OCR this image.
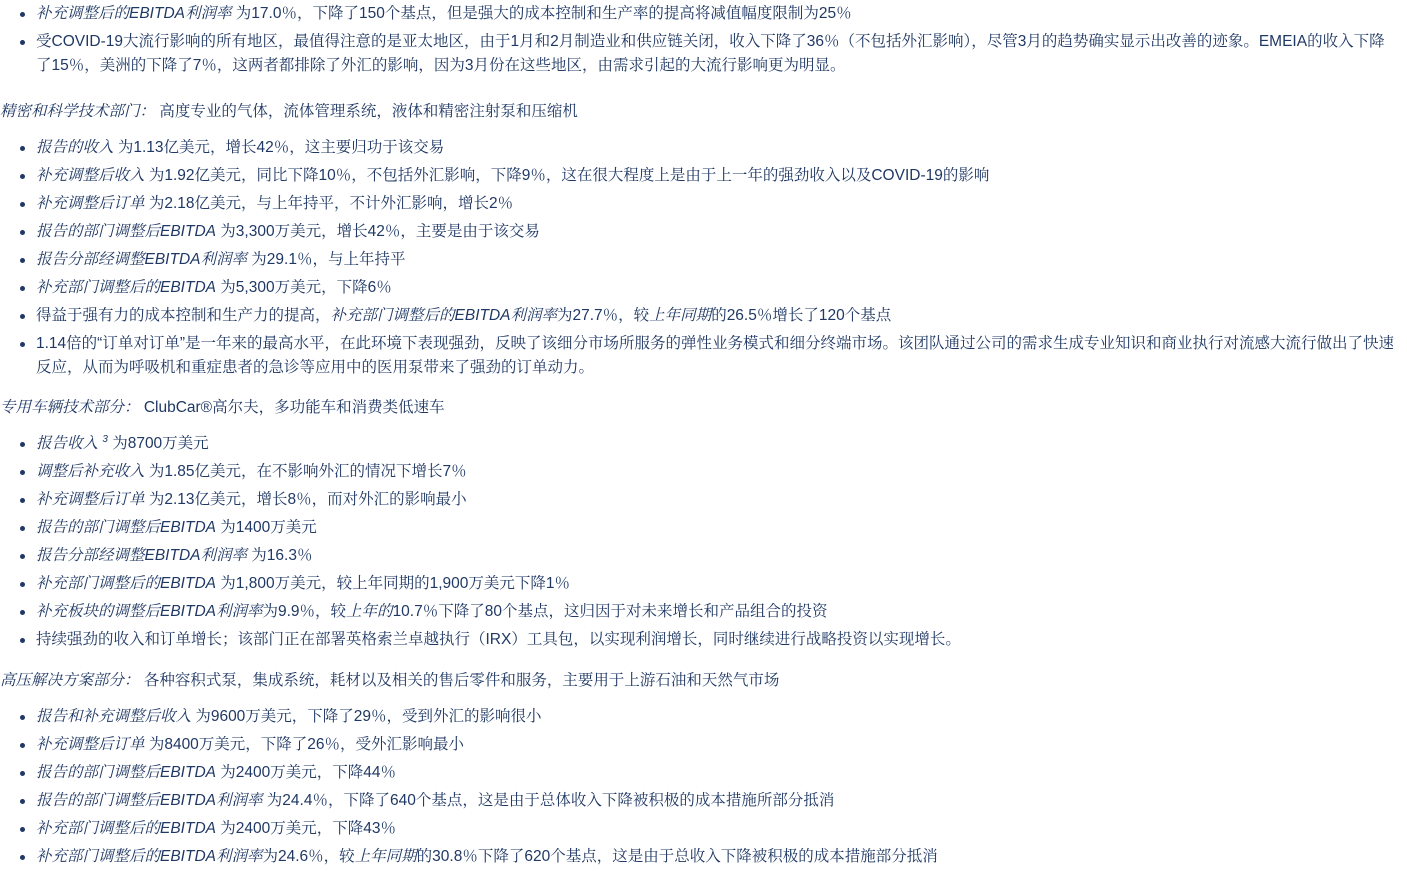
补充调整后的EBITDA利润率 为17.0％，下降了150个基点，但是强大的成本控制和生产率的提高将减值幅度限制为25％
受COVID-19大流行影响的所有地区，最值得注意的是亚太地区，由于1月和2月制造业和供应链关闭，收入下降了36％（不包括外汇影响），尽管3月的趋势确实显示出改善的迹象。EMEIA的收入下降了15％，美洲的下降了7％，这两者都排除了外汇的影响，因为3月份在这些地区，由需求引起的大流行影响更为明显。

精密和科学技术部门： 高度专业的气体，流体管理系统，液体和精密注射泵和压缩机

报告的收入 为1.13亿美元，增长42％，这主要归功于该交易
补充调整后收入 为1.92亿美元，同比下降10％，不包括外汇影响，下降9％，这在很大程度上是由于上一年的强劲收入以及COVID-19的影响
补充调整后订单 为2.18亿美元，与上年持平，不计外汇影响，增长2％
报告的部门调整后EBITDA 为3,300万美元，增长42％，主要是由于该交易
报告分部经调整EBITDA利润率 为29.1％，与上年持平
补充部门调整后的EBITDA 为5,300万美元，下降6％
得益于强有力的成本控制和生产力的提高，补充部门调整后的EBITDA利润率为27.7％，较上年同期的26.5％增长了120个基点
1.14倍的“订单对订单”是一年来的最高水平，在此环境下表现强劲，反映了该细分市场所服务的弹性业务模式和细分终端市场。该团队通过公司的需求生成专业知识和商业执行对流感大流行做出了快速反应，从而为呼吸机和重症患者的急诊等应用中的医用泵带来了强劲的订单动力。

专用车辆技术部分： ClubCar®高尔夫，多功能车和消费类低速车

报告收入 $^3$ 为8700万美元
调整后补充收入 为1.85亿美元，在不影响外汇的情况下增长7％
补充调整后订单 为2.13亿美元，增长8％，而对外汇的影响最小
报告的部门调整后EBITDA 为1400万美元
报告分部经调整EBITDA利润率 为16.3％
补充部门调整后的EBITDA 为1,800万美元，较上年同期的1,900万美元下降1％
补充板块的调整后EBITDA利润率为9.9％，较上年的10.7％下降了80个基点，这归因于对未来增长和产品组合的投资
持续强劲的收入和订单增长；该部门正在部署英格索兰卓越执行（IRX）工具包，以实现利润增长，同时继续进行战略投资以实现增长。

高压解决方案部分： 各种容积式泵，集成系统，耗材以及相关的售后零件和服务，主要用于上游石油和天然气市场

报告和补充调整后收入 为9600万美元，下降了29％，受到外汇的影响很小
补充调整后订单 为8400万美元，下降了26％，受外汇影响最小
报告的部门调整后EBITDA 为2400万美元，下降44％
报告的部门调整后EBITDA利润率 为24.4％，下降了640个基点，这是由于总体收入下降被积极的成本措施所部分抵消
补充部门调整后的EBITDA 为2400万美元，下降43％
补充部门调整后的EBITDA利润率为24.6％，较上年同期的30.8％下降了620个基点，这是由于总收入下降被积极的成本措施部分抵消
